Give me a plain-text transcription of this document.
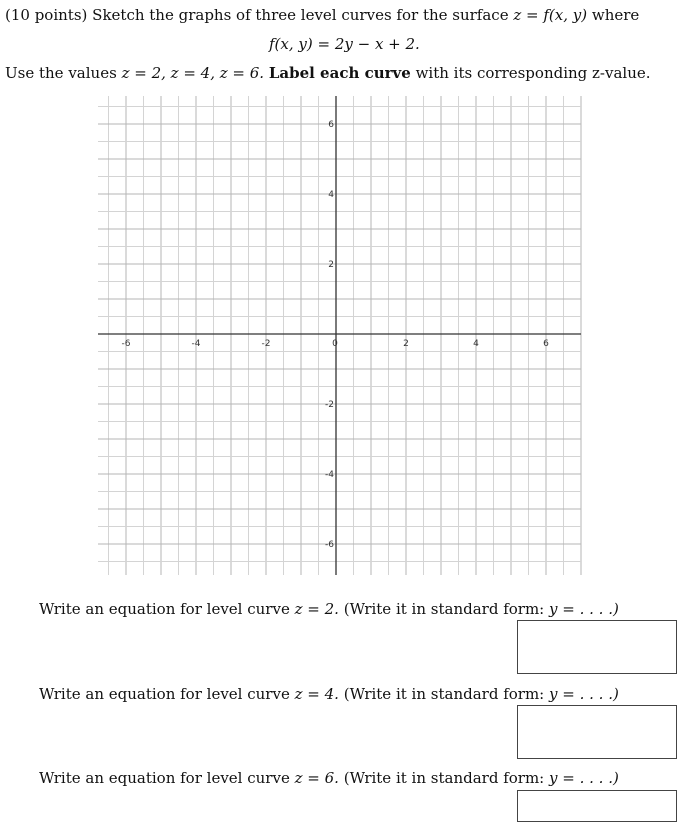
(10 points) Sketch the graphs of three level curves for the surface z = f(x, y) where
f(x, y) = 2y − x + 2.
Use the values z = 2, z = 4, z = 6. Label each curve with its corresponding z-value.
-6	-4	-2	0	2	4	6
6
4
2
-2
-4
-6
Write an equation for level curve z = 2. (Write it in standard form: y = . . . .)
Write an equation for level curve z = 4. (Write it in standard form: y = . . . .)
Write an equation for level curve z = 6. (Write it in standard form: y = . . . .)
